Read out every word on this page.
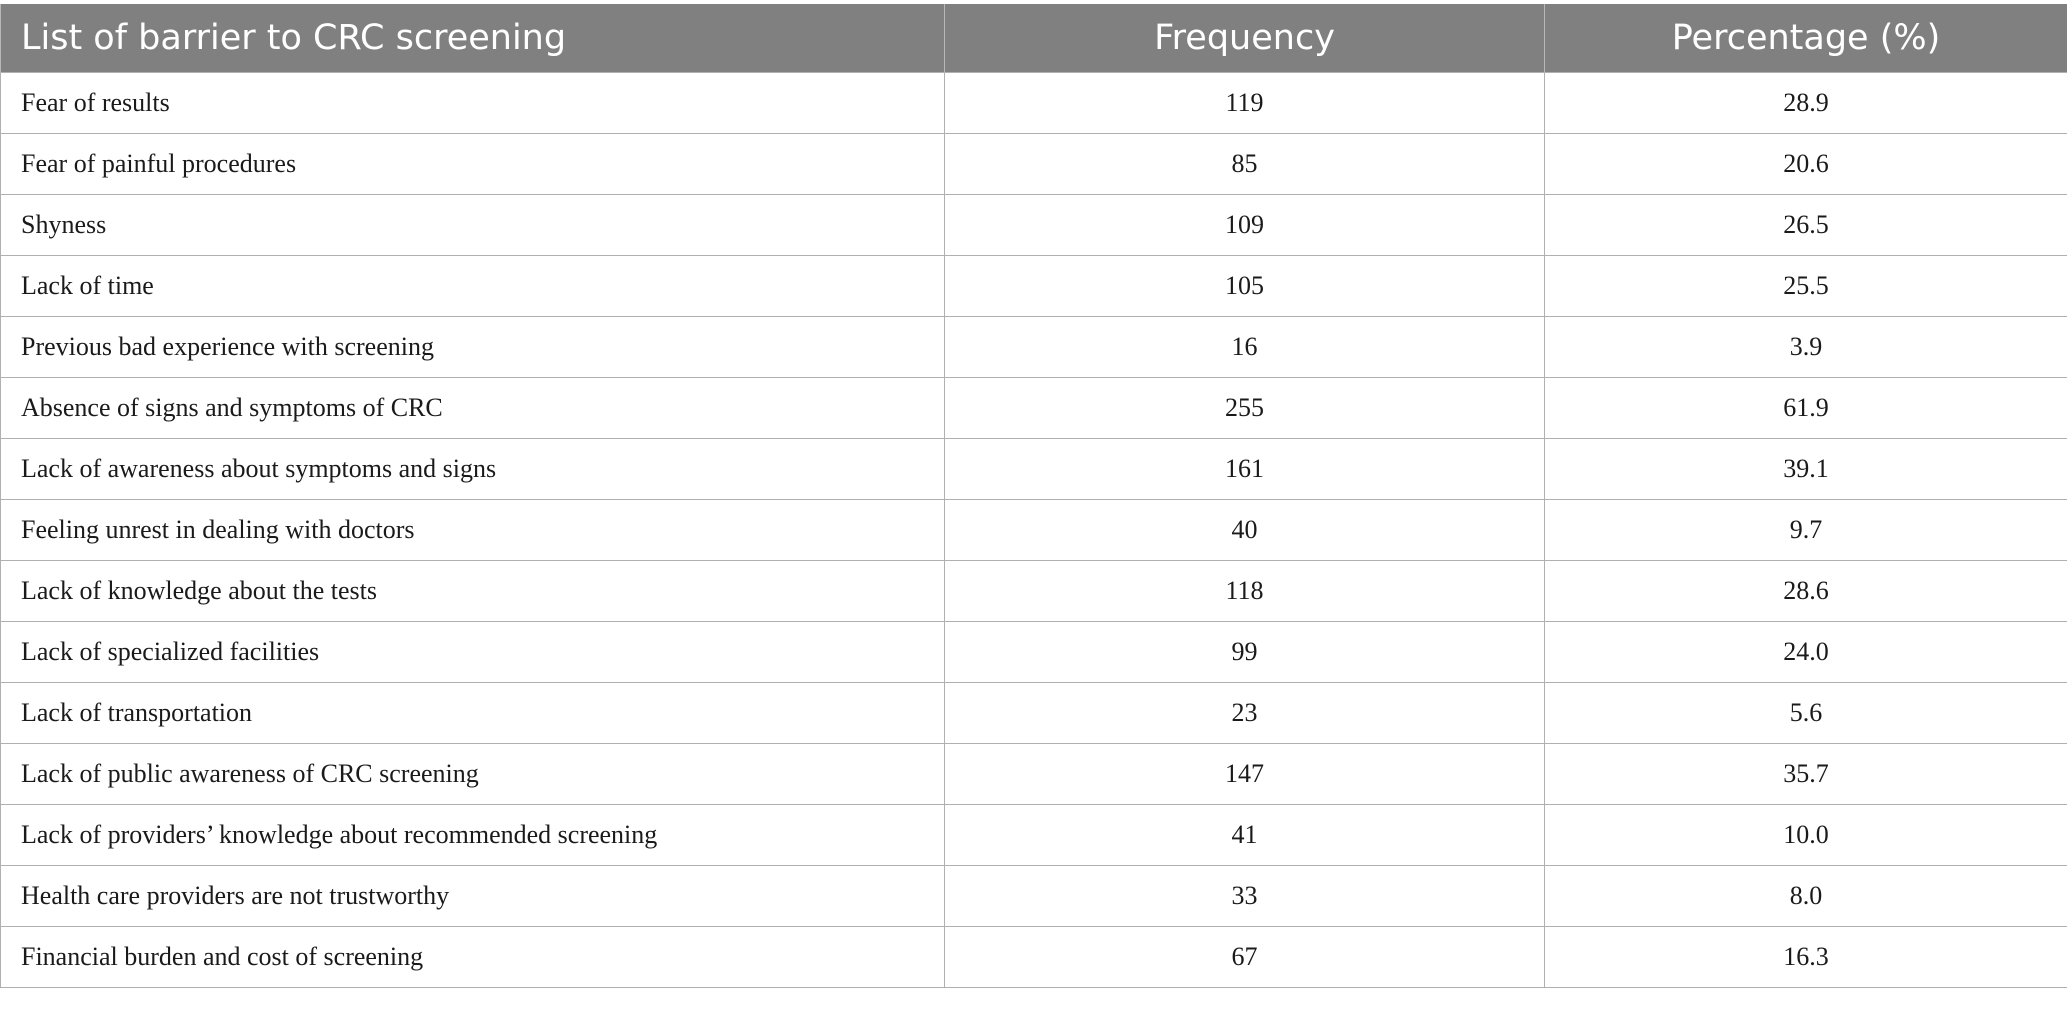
List of barrier to CRC screening	Frequency	Percentage (%)
Fear of results	119	28.9
Fear of painful procedures	85	20.6
Shyness	109	26.5
Lack of time	105	25.5
Previous bad experience with screening	16	3.9
Absence of signs and symptoms of CRC	255	61.9
Lack of awareness about symptoms and signs	161	39.1
Feeling unrest in dealing with doctors	40	9.7
Lack of knowledge about the tests	118	28.6
Lack of specialized facilities	99	24.0
Lack of transportation	23	5.6
Lack of public awareness of CRC screening	147	35.7
Lack of providers’ knowledge about recommended screening	41	10.0
Health care providers are not trustworthy	33	8.0
Financial burden and cost of screening	67	16.3
